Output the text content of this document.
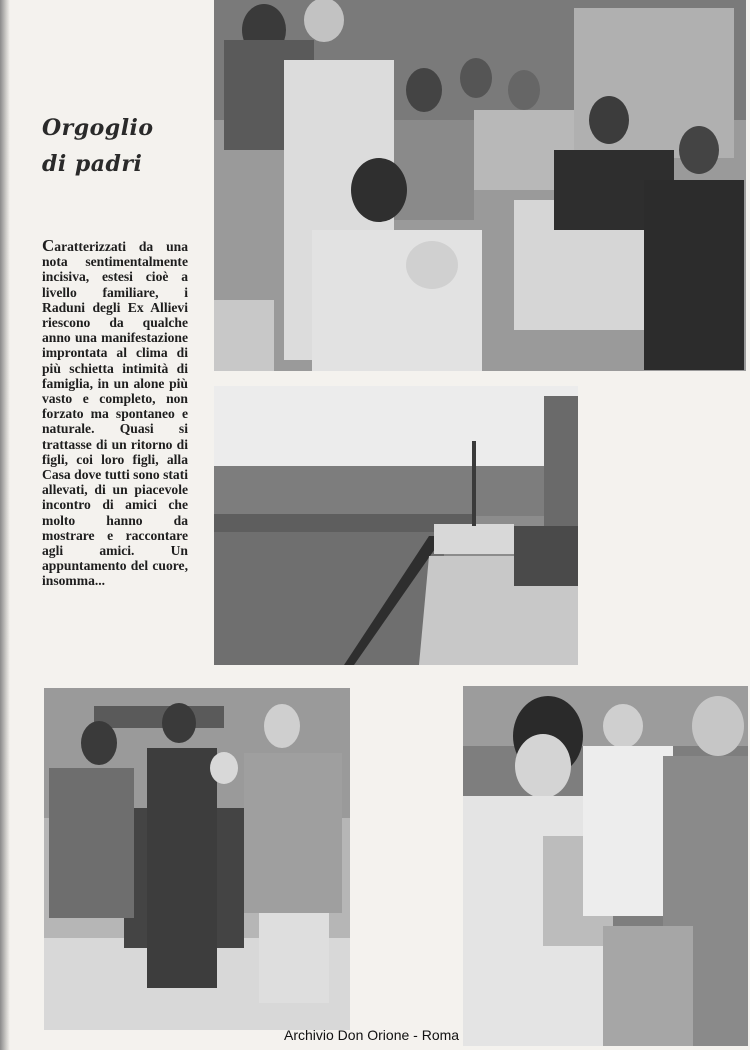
Orgoglio
di padri

Caratterizzati da una nota sentimentalmente incisiva, estesi cioè a livello familiare, i Raduni degli Ex Allievi riescono da qualche anno una manifestazione improntata al clima di più schietta intimità di famiglia, in un alone più vasto e completo, non forzato ma spontaneo e naturale. Quasi si trattasse di un ritorno di figli, coi loro figli, alla Casa dove tutti sono stati allevati, di un piacevole incontro di amici che molto hanno da mostrare e raccontare agli amici. Un appuntamento del cuore, insomma...

Archivio Don Orione - Roma
